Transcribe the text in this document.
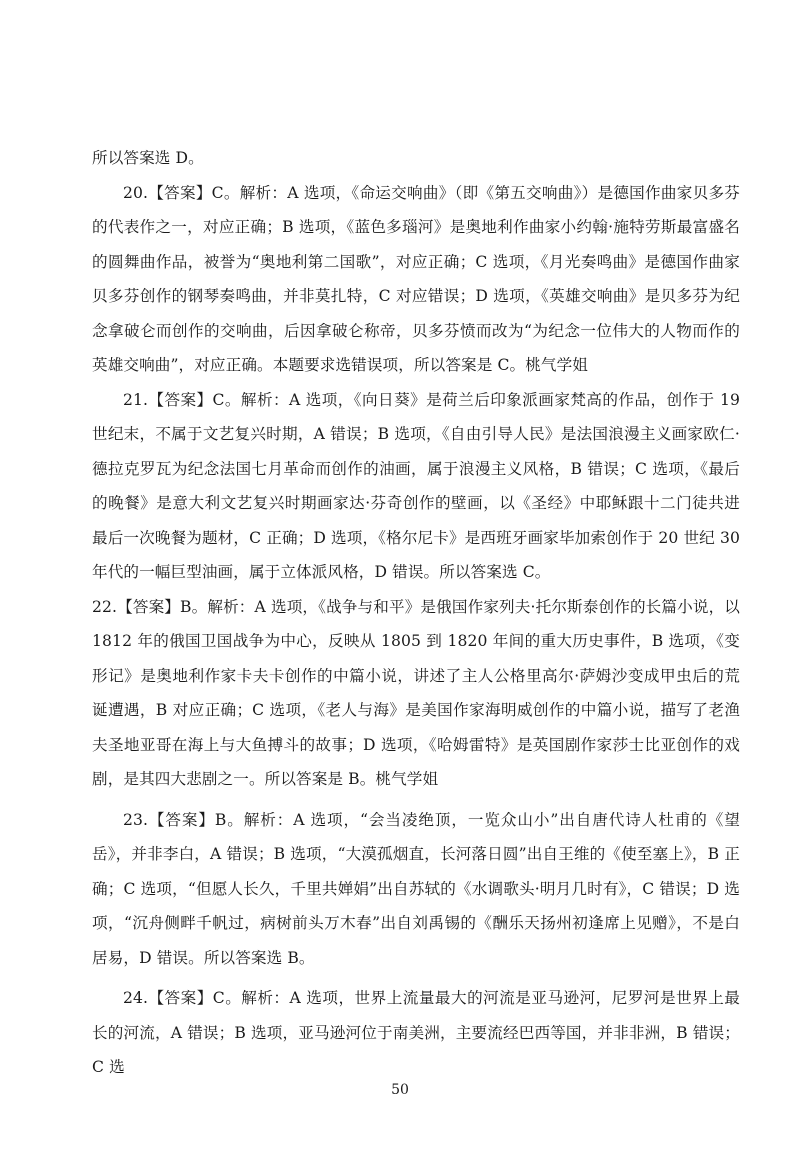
所以答案选 D。

20.【答案】C。解析：A 选项，《命运交响曲》（即《第五交响曲》）是德国作曲家贝多芬的代表作之一，对应正确；B 选项，《蓝色多瑙河》是奥地利作曲家小约翰·施特劳斯最富盛名的圆舞曲作品，被誉为“奥地利第二国歌”，对应正确；C 选项，《月光奏鸣曲》是德国作曲家贝多芬创作的钢琴奏鸣曲，并非莫扎特，C 对应错误；D 选项，《英雄交响曲》是贝多芬为纪念拿破仑而创作的交响曲，后因拿破仑称帝，贝多芬愤而改为“为纪念一位伟大的人物而作的英雄交响曲”，对应正确。本题要求选错误项，所以答案是 C。桃气学姐

21.【答案】C。解析：A 选项，《向日葵》是荷兰后印象派画家梵高的作品，创作于 19 世纪末，不属于文艺复兴时期，A 错误；B 选项，《自由引导人民》是法国浪漫主义画家欧仁·德拉克罗瓦为纪念法国七月革命而创作的油画，属于浪漫主义风格，B 错误；C 选项，《最后的晚餐》是意大利文艺复兴时期画家达·芬奇创作的壁画，以《圣经》中耶稣跟十二门徒共进最后一次晚餐为题材，C 正确；D 选项，《格尔尼卡》是西班牙画家毕加索创作于 20 世纪 30 年代的一幅巨型油画，属于立体派风格，D 错误。所以答案选 C。

22.【答案】B。解析：A 选项，《战争与和平》是俄国作家列夫·托尔斯泰创作的长篇小说，以 1812 年的俄国卫国战争为中心，反映从 1805 到 1820 年间的重大历史事件，B 选项，《变形记》是奥地利作家卡夫卡创作的中篇小说，讲述了主人公格里高尔·萨姆沙变成甲虫后的荒诞遭遇，B 对应正确；C 选项，《老人与海》是美国作家海明威创作的中篇小说，描写了老渔夫圣地亚哥在海上与大鱼搏斗的故事；D 选项，《哈姆雷特》是英国剧作家莎士比亚创作的戏剧，是其四大悲剧之一。所以答案是 B。桃气学姐

23.【答案】B。解析：A 选项，“会当凌绝顶，一览众山小”出自唐代诗人杜甫的《望岳》，并非李白，A 错误；B 选项，“大漠孤烟直，长河落日圆”出自王维的《使至塞上》，B 正确；C 选项，“但愿人长久，千里共婵娟”出自苏轼的《水调歌头·明月几时有》，C 错误；D 选项，“沉舟侧畔千帆过，病树前头万木春”出自刘禹锡的《酬乐天扬州初逢席上见赠》，不是白居易，D 错误。所以答案选 B。

24.【答案】C。解析：A 选项，世界上流量最大的河流是亚马逊河，尼罗河是世界上最长的河流，A 错误；B 选项，亚马逊河位于南美洲，主要流经巴西等国，并非非洲，B 错误；C 选

50
